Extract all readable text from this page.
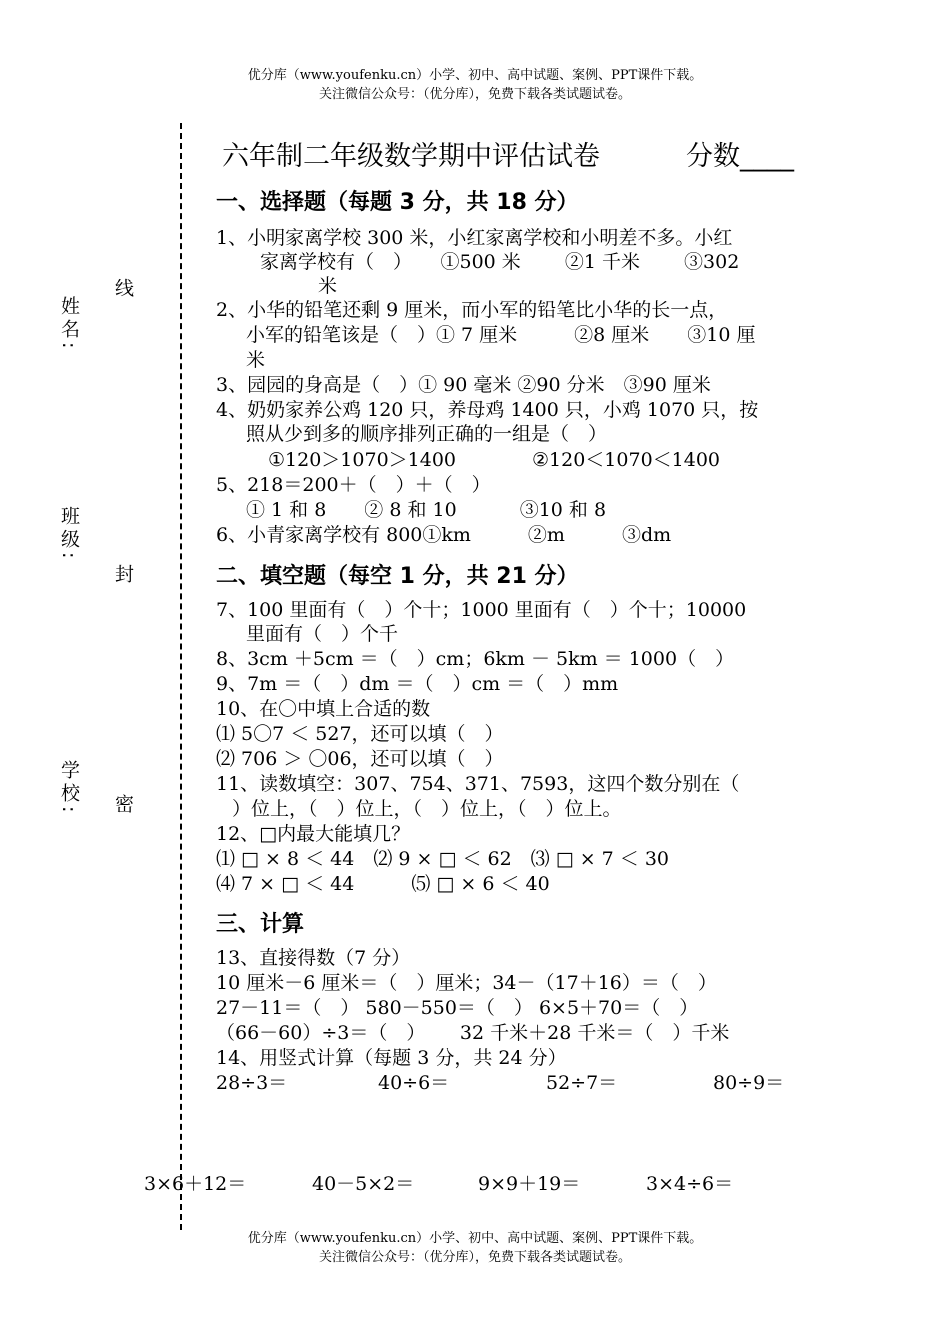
优分库（www.youfenku.cn）小学、初中、高中试题、案例、PPT课件下载。
关注微信公众号：（优分库），免费下载各类试题试卷。
姓名:
班级:
学校:
线
封
密
六年制二年级数学期中评估试卷	分数____
一、选择题（每题 3 分，共 18 分）
1、小明家离学校 300 米，小红家离学校和小明差不多。小红
家离学校有（　）　　①500 米　　 ②1 千米　　 ③302
米
2、小华的铅笔还剩 9 厘米，而小军的铅笔比小华的长一点，
小军的铅笔该是（　）① 7 厘米　　　②8 厘米　　③10 厘
米
3、园园的身高是（　）① 90 毫米 ②90 分米　③90 厘米
4、奶奶家养公鸡 120 只，养母鸡 1400 只，小鸡 1070 只，按
照从少到多的顺序排列正确的一组是（　）
①120＞1070＞1400　　　　②120＜1070＜1400
5、218＝200＋（　）＋（　）
① 1 和 8　　② 8 和 10　　　 ③10 和 8
6、小青家离学校有 800①km　　　②m　　　③dm
二、填空题（每空 1 分，共 21 分）
7、100 里面有（　）个十；1000 里面有（　）个十；10000
里面有（　）个千
8、3cm ＋5cm ＝（　）cm；6km － 5km ＝ 1000（　）
9、7m ＝（　）dm ＝（　）cm ＝（　）mm
10、在〇中填上合适的数
⑴ 5〇7 ＜ 527，还可以填（　）
⑵ 706 ＞ 〇06，还可以填（　）
11、读数填空：307、754、371、7593，这四个数分别在（
）位上，（　）位上，（　）位上，（　）位上。
12、□内最大能填几？
⑴ □ × 8 ＜ 44　⑵ 9 × □ ＜ 62　⑶ □ × 7 ＜ 30
⑷ 7 × □ ＜ 44　　　⑸ □ × 6 ＜ 40
三、计算
13、直接得数（7 分）
10 厘米－6 厘米＝（　）厘米；34－（17＋16）＝（　）
27－11＝（　） 580－550＝（　） 6×5＋70＝（　）
（66－60）÷3＝（　）　　 32 千米＋28 千米＝（　）千米
14、用竖式计算（每题 3 分，共 24 分）
28÷3＝	40÷6＝	52÷7＝	80÷9＝
3×6＋12＝	40－5×2＝	9×9＋19＝	3×4÷6＝
优分库（www.youfenku.cn）小学、初中、高中试题、案例、PPT课件下载。
关注微信公众号：（优分库），免费下载各类试题试卷。
